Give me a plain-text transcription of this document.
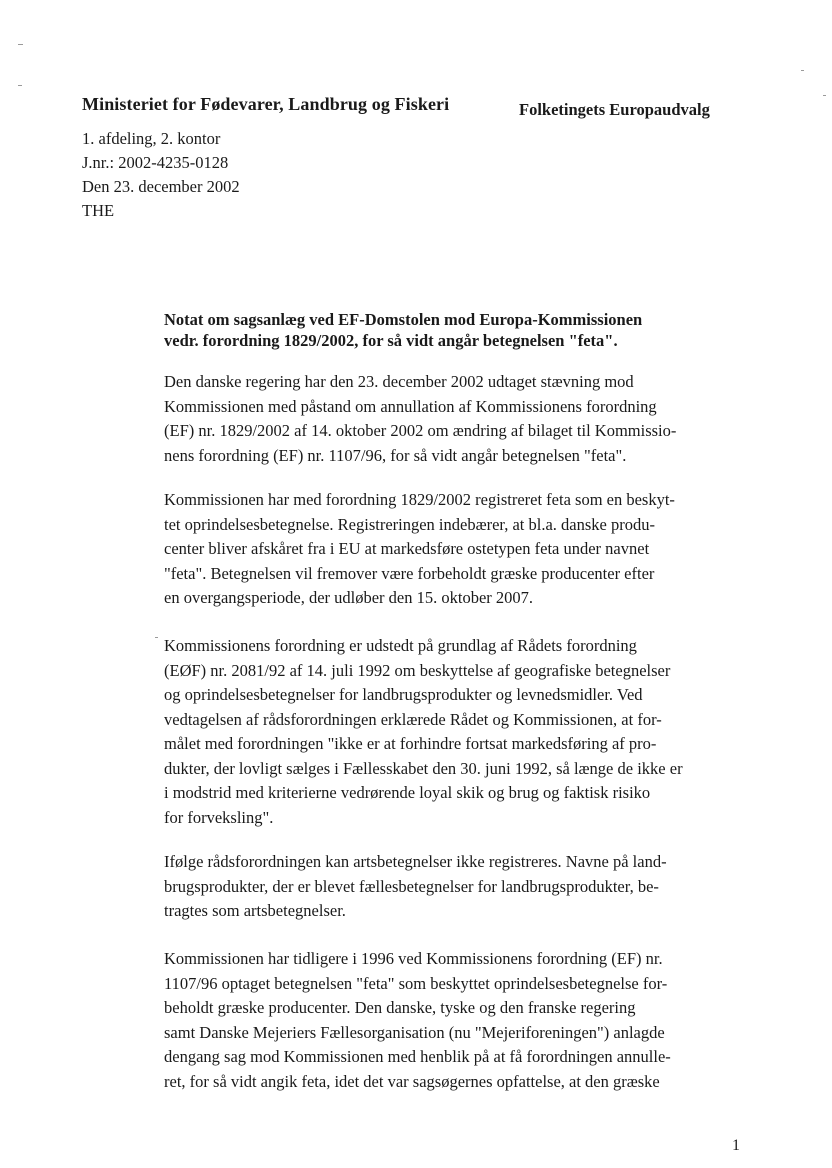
Ministeriet for Fødevarer, Landbrug og Fiskeri	Folketingets Europaudvalg
1. afdeling, 2. kontor
J.nr.: 2002-4235-0128
Den 23. december 2002
THE
Notat om sagsanlæg ved EF-Domstolen mod Europa-Kommissionen
vedr. forordning 1829/2002, for så vidt angår betegnelsen "feta".
Den danske regering har den 23. december 2002 udtaget stævning mod
Kommissionen med påstand om annullation af Kommissionens forordning
(EF) nr. 1829/2002 af 14. oktober 2002 om ændring af bilaget til Kommissio-
nens forordning (EF) nr. 1107/96, for så vidt angår betegnelsen "feta".
Kommissionen har med forordning 1829/2002 registreret feta som en beskyt-
tet oprindelsesbetegnelse. Registreringen indebærer, at bl.a. danske produ-
center bliver afskåret fra i EU at markedsføre ostetypen feta under navnet
"feta". Betegnelsen vil fremover være forbeholdt græske producenter efter
en overgangsperiode, der udløber den 15. oktober 2007.
Kommissionens forordning er udstedt på grundlag af Rådets forordning
(EØF) nr. 2081/92 af 14. juli 1992 om beskyttelse af geografiske betegnelser
og oprindelsesbetegnelser for landbrugsprodukter og levnedsmidler. Ved
vedtagelsen af rådsforordningen erklærede Rådet og Kommissionen, at for-
målet med forordningen "ikke er at forhindre fortsat markedsføring af pro-
dukter, der lovligt sælges i Fællesskabet den 30. juni 1992, så længe de ikke er
i modstrid med kriterierne vedrørende loyal skik og brug og faktisk risiko
for forveksling".
Ifølge rådsforordningen kan artsbetegnelser ikke registreres. Navne på land-
brugsprodukter, der er blevet fællesbetegnelser for landbrugsprodukter, be-
tragtes som artsbetegnelser.
Kommissionen har tidligere i 1996 ved Kommissionens forordning (EF) nr.
1107/96 optaget betegnelsen "feta" som beskyttet oprindelsesbetegnelse for-
beholdt græske producenter. Den danske, tyske og den franske regering
samt Danske Mejeriers Fællesorganisation (nu "Mejeriforeningen") anlagde
dengang sag mod Kommissionen med henblik på at få forordningen annulle-
ret, for så vidt angik feta, idet det var sagsøgernes opfattelse, at den græske
1
